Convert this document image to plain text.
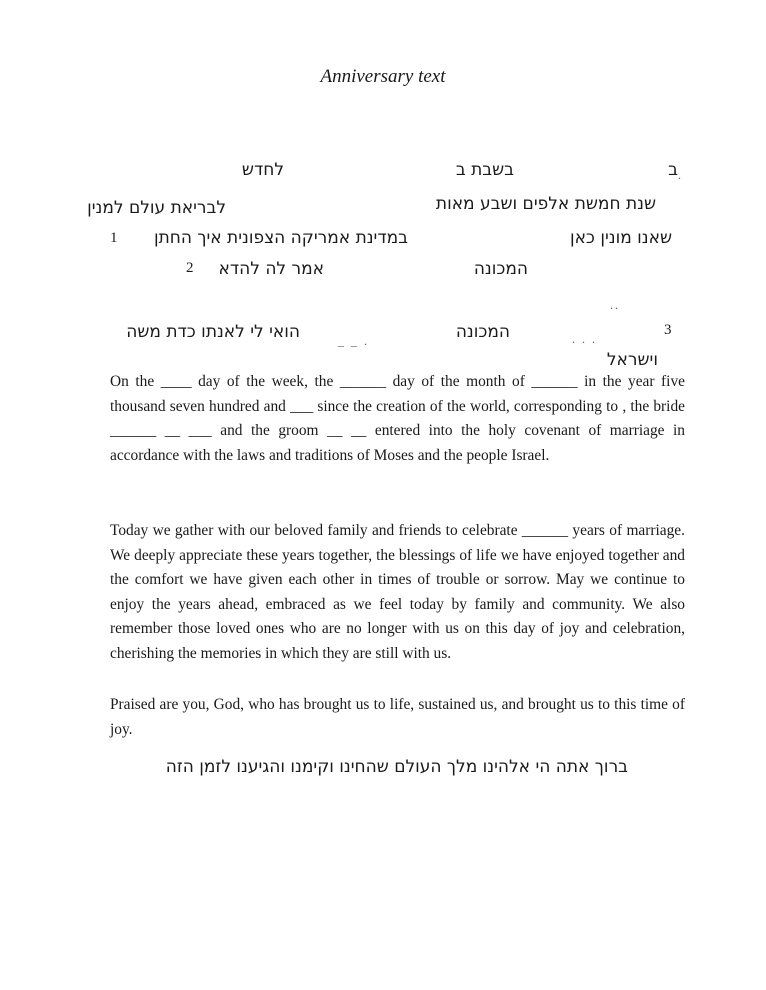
Anniversary text
ב
בשבת ב
לחדש	.
שנת חמשת אלפים ושבע מאות
לבריאת עולם למנין
שאנו מונין כאן
במדינת אמריקה הצפונית איך החתן
1
המכונה
אמר לה להדא
2
..
3
. . .
המכונה
_ _ .
הואי לי לאנתו כדת משה
וישראל
On the ____ day of the week, the ______ day of the month of ______ in the year five thousand seven hundred and ___ since the creation of the world, corresponding to , the bride ______ __ ___ and the groom __ __ entered into the holy covenant of marriage in accordance with the laws and traditions of Moses and the people Israel.
Today we gather with our beloved family and friends to celebrate ______ years of marriage. We deeply appreciate these years together, the blessings of life we have enjoyed together and the comfort we have given each other in times of trouble or sorrow. May we continue to enjoy the years ahead, embraced as we feel today by family and community. We also remember those loved ones who are no longer with us on this day of joy and celebration, cherishing the memories in which they are still with us.
Praised are you, God, who has brought us to life, sustained us, and brought us to this time of joy.
ברוך אתה הי אלהינו מלך העולם שהחינו וקימנו והגיענו לזמן הזה
